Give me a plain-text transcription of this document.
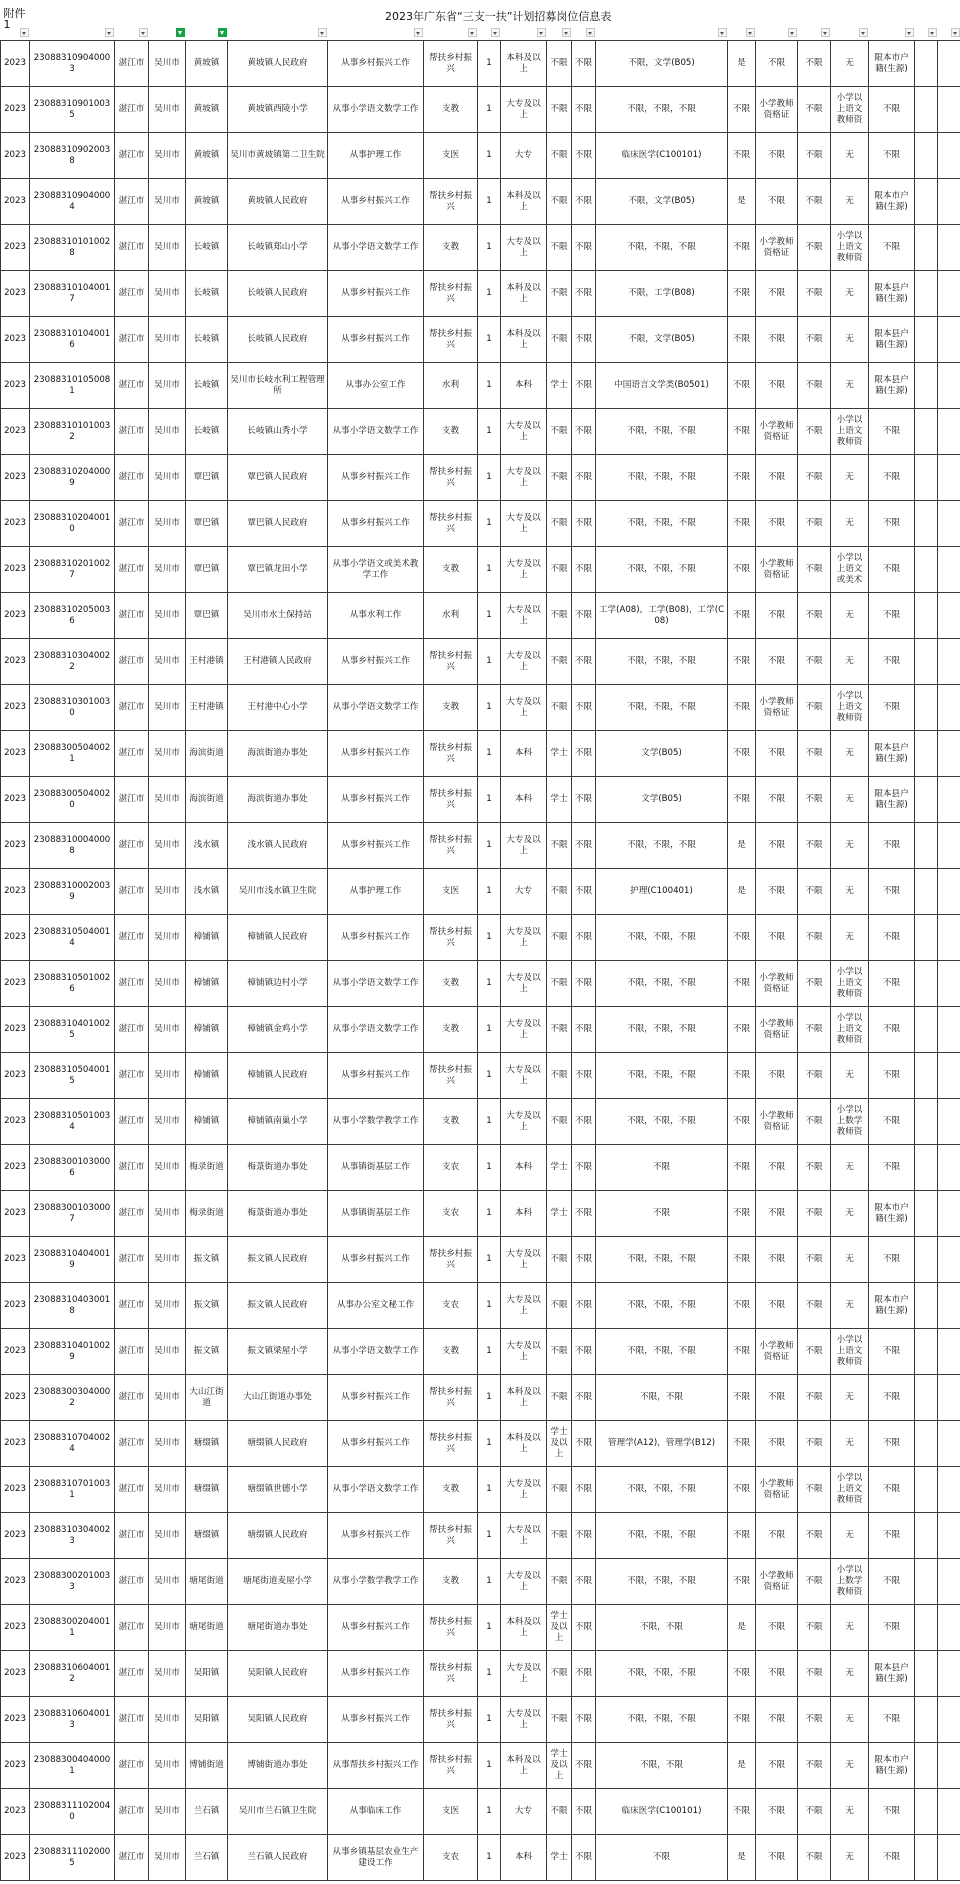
附件1

2023	230883109040003	湛江市	吴川市	黄坡镇	黄坡镇人民政府	从事乡村振兴工作	帮扶乡村振兴	1	本科及以上	不限	不限	不限，文学(B05)	是	不限	不限	无	限本市户籍(生源)		
2023	230883109010035	湛江市	吴川市	黄坡镇	黄坡镇西陵小学	从事小学语文数学工作	支教	1	大专及以上	不限	不限	不限，不限，不限	不限	小学教师资格证	不限	小学以上语文教师资	不限		
2023	230883109020038	湛江市	吴川市	黄坡镇	吴川市黄坡镇第二卫生院	从事护理工作	支医	1	大专	不限	不限	临床医学(C100101)	不限	不限	不限	无	不限		
2023	230883109040004	湛江市	吴川市	黄坡镇	黄坡镇人民政府	从事乡村振兴工作	帮扶乡村振兴	1	本科及以上	不限	不限	不限，文学(B05)	是	不限	不限	无	限本市户籍(生源)		
2023	230883101010028	湛江市	吴川市	长岐镇	长岐镇郑山小学	从事小学语文数学工作	支教	1	大专及以上	不限	不限	不限，不限，不限	不限	小学教师资格证	不限	小学以上语文教师资	不限		
2023	230883101040017	湛江市	吴川市	长岐镇	长岐镇人民政府	从事乡村振兴工作	帮扶乡村振兴	1	本科及以上	不限	不限	不限，工学(B08)	不限	不限	不限	无	限本县户籍(生源)		
2023	230883101040016	湛江市	吴川市	长岐镇	长岐镇人民政府	从事乡村振兴工作	帮扶乡村振兴	1	本科及以上	不限	不限	不限，文学(B05)	不限	不限	不限	无	限本县户籍(生源)		
2023	230883101050081	湛江市	吴川市	长岐镇	吴川市长岐水利工程管理所	从事办公室工作	水利	1	本科	学士	不限	中国语言文学类(B0501)	不限	不限	不限	无	限本县户籍(生源)		
2023	230883101010032	湛江市	吴川市	长岐镇	长岐镇山秀小学	从事小学语文数学工作	支教	1	大专及以上	不限	不限	不限，不限，不限	不限	小学教师资格证	不限	小学以上语文教师资	不限		
2023	230883102040009	湛江市	吴川市	覃巴镇	覃巴镇人民政府	从事乡村振兴工作	帮扶乡村振兴	1	大专及以上	不限	不限	不限，不限，不限	不限	不限	不限	无	不限		
2023	230883102040010	湛江市	吴川市	覃巴镇	覃巴镇人民政府	从事乡村振兴工作	帮扶乡村振兴	1	大专及以上	不限	不限	不限，不限，不限	不限	不限	不限	无	不限		
2023	230883102010027	湛江市	吴川市	覃巴镇	覃巴镇龙田小学	从事小学语文或美术教学工作	支教	1	大专及以上	不限	不限	不限，不限，不限	不限	小学教师资格证	不限	小学以上语文或美术	不限		
2023	230883102050036	湛江市	吴川市	覃巴镇	吴川市水土保持站	从事水利工作	水利	1	大专及以上	不限	不限	工学(A08)，工学(B08)，工学(C08)	不限	不限	不限	无	不限		
2023	230883103040022	湛江市	吴川市	王村港镇	王村港镇人民政府	从事乡村振兴工作	帮扶乡村振兴	1	大专及以上	不限	不限	不限，不限，不限	不限	不限	不限	无	不限		
2023	230883103010030	湛江市	吴川市	王村港镇	王村港中心小学	从事小学语文数学工作	支教	1	大专及以上	不限	不限	不限，不限，不限	不限	小学教师资格证	不限	小学以上语文教师资	不限		
2023	230883005040021	湛江市	吴川市	海滨街道	海滨街道办事处	从事乡村振兴工作	帮扶乡村振兴	1	本科	学士	不限	文学(B05)	不限	不限	不限	无	限本县户籍(生源)		
2023	230883005040020	湛江市	吴川市	海滨街道	海滨街道办事处	从事乡村振兴工作	帮扶乡村振兴	1	本科	学士	不限	文学(B05)	不限	不限	不限	无	限本县户籍(生源)		
2023	230883100040008	湛江市	吴川市	浅水镇	浅水镇人民政府	从事乡村振兴工作	帮扶乡村振兴	1	大专及以上	不限	不限	不限，不限，不限	是	不限	不限	无	不限		
2023	230883100020039	湛江市	吴川市	浅水镇	吴川市浅水镇卫生院	从事护理工作	支医	1	大专	不限	不限	护理(C100401)	是	不限	不限	无	不限		
2023	230883105040014	湛江市	吴川市	樟铺镇	樟铺镇人民政府	从事乡村振兴工作	帮扶乡村振兴	1	大专及以上	不限	不限	不限，不限，不限	不限	不限	不限	无	不限		
2023	230883105010026	湛江市	吴川市	樟铺镇	樟铺镇边村小学	从事小学语文数学工作	支教	1	大专及以上	不限	不限	不限，不限，不限	不限	小学教师资格证	不限	小学以上语文教师资	不限		
2023	230883104010025	湛江市	吴川市	樟铺镇	樟铺镇金鸡小学	从事小学语文数学工作	支教	1	大专及以上	不限	不限	不限，不限，不限	不限	小学教师资格证	不限	小学以上语文教师资	不限		
2023	230883105040015	湛江市	吴川市	樟铺镇	樟铺镇人民政府	从事乡村振兴工作	帮扶乡村振兴	1	大专及以上	不限	不限	不限，不限，不限	不限	不限	不限	无	不限		
2023	230883105010034	湛江市	吴川市	樟铺镇	樟铺镇南巢小学	从事小学数学教学工作	支教	1	大专及以上	不限	不限	不限，不限，不限	不限	小学教师资格证	不限	小学以上数学教师资	不限		
2023	230883001030006	湛江市	吴川市	梅录街道	梅菉街道办事处	从事镇街基层工作	支农	1	本科	学士	不限	不限	不限	不限	不限	无	不限		
2023	230883001030007	湛江市	吴川市	梅录街道	梅菉街道办事处	从事镇街基层工作	支农	1	本科	学士	不限	不限	不限	不限	不限	无	限本市户籍(生源)		
2023	230883104040019	湛江市	吴川市	振文镇	振文镇人民政府	从事乡村振兴工作	帮扶乡村振兴	1	大专及以上	不限	不限	不限，不限，不限	不限	不限	不限	无	不限		
2023	230883104030018	湛江市	吴川市	振文镇	振文镇人民政府	从事办公室文秘工作	支农	1	大专及以上	不限	不限	不限，不限，不限	不限	不限	不限	无	限本市户籍(生源)		
2023	230883104010029	湛江市	吴川市	振文镇	振文镇梁屋小学	从事小学语文数学工作	支教	1	大专及以上	不限	不限	不限，不限，不限	不限	小学教师资格证	不限	小学以上语文教师资	不限		
2023	230883003040002	湛江市	吴川市	大山江街道	大山江街道办事处	从事乡村振兴工作	帮扶乡村振兴	1	本科及以上	不限	不限	不限，不限	不限	不限	不限	无	不限		
2023	230883107040024	湛江市	吴川市	塘缀镇	塘缀镇人民政府	从事乡村振兴工作	帮扶乡村振兴	1	本科及以上	学士及以上	不限	管理学(A12)，管理学(B12)	不限	不限	不限	无	不限		
2023	230883107010031	湛江市	吴川市	塘缀镇	塘缀镇世德小学	从事小学语文数学工作	支教	1	大专及以上	不限	不限	不限，不限，不限	不限	小学教师资格证	不限	小学以上语文教师资	不限		
2023	230883103040023	湛江市	吴川市	塘缀镇	塘缀镇人民政府	从事乡村振兴工作	帮扶乡村振兴	1	大专及以上	不限	不限	不限，不限，不限	不限	不限	不限	无	不限		
2023	230883002010033	湛江市	吴川市	塘尾街道	塘尾街道麦屋小学	从事小学数学教学工作	支教	1	大专及以上	不限	不限	不限，不限，不限	不限	小学教师资格证	不限	小学以上数学教师资	不限		
2023	230883002040011	湛江市	吴川市	塘尾街道	塘尾街道办事处	从事乡村振兴工作	帮扶乡村振兴	1	本科及以上	学士及以上	不限	不限，不限	是	不限	不限	无	不限		
2023	230883106040012	湛江市	吴川市	吴阳镇	吴阳镇人民政府	从事乡村振兴工作	帮扶乡村振兴	1	大专及以上	不限	不限	不限，不限，不限	不限	不限	不限	无	限本县户籍(生源)		
2023	230883106040013	湛江市	吴川市	吴阳镇	吴阳镇人民政府	从事乡村振兴工作	帮扶乡村振兴	1	大专及以上	不限	不限	不限，不限，不限	不限	不限	不限	无	不限		
2023	230883004040001	湛江市	吴川市	博铺街道	博铺街道办事处	从事帮扶乡村振兴工作	帮扶乡村振兴	1	本科及以上	学士及以上	不限	不限，不限	是	不限	不限	无	限本市户籍(生源)		
2023	230883111020040	湛江市	吴川市	兰石镇	吴川市兰石镇卫生院	从事临床工作	支医	1	大专	不限	不限	临床医学(C100101)	不限	不限	不限	无	不限		
2023	230883111020005	湛江市	吴川市	兰石镇	兰石镇人民政府	从事乡镇基层农业生产建设工作	支农	1	本科	学士	不限	不限	是	不限	不限	无	不限		
2023年广东省“三支一扶”计划招募岗位信息表
